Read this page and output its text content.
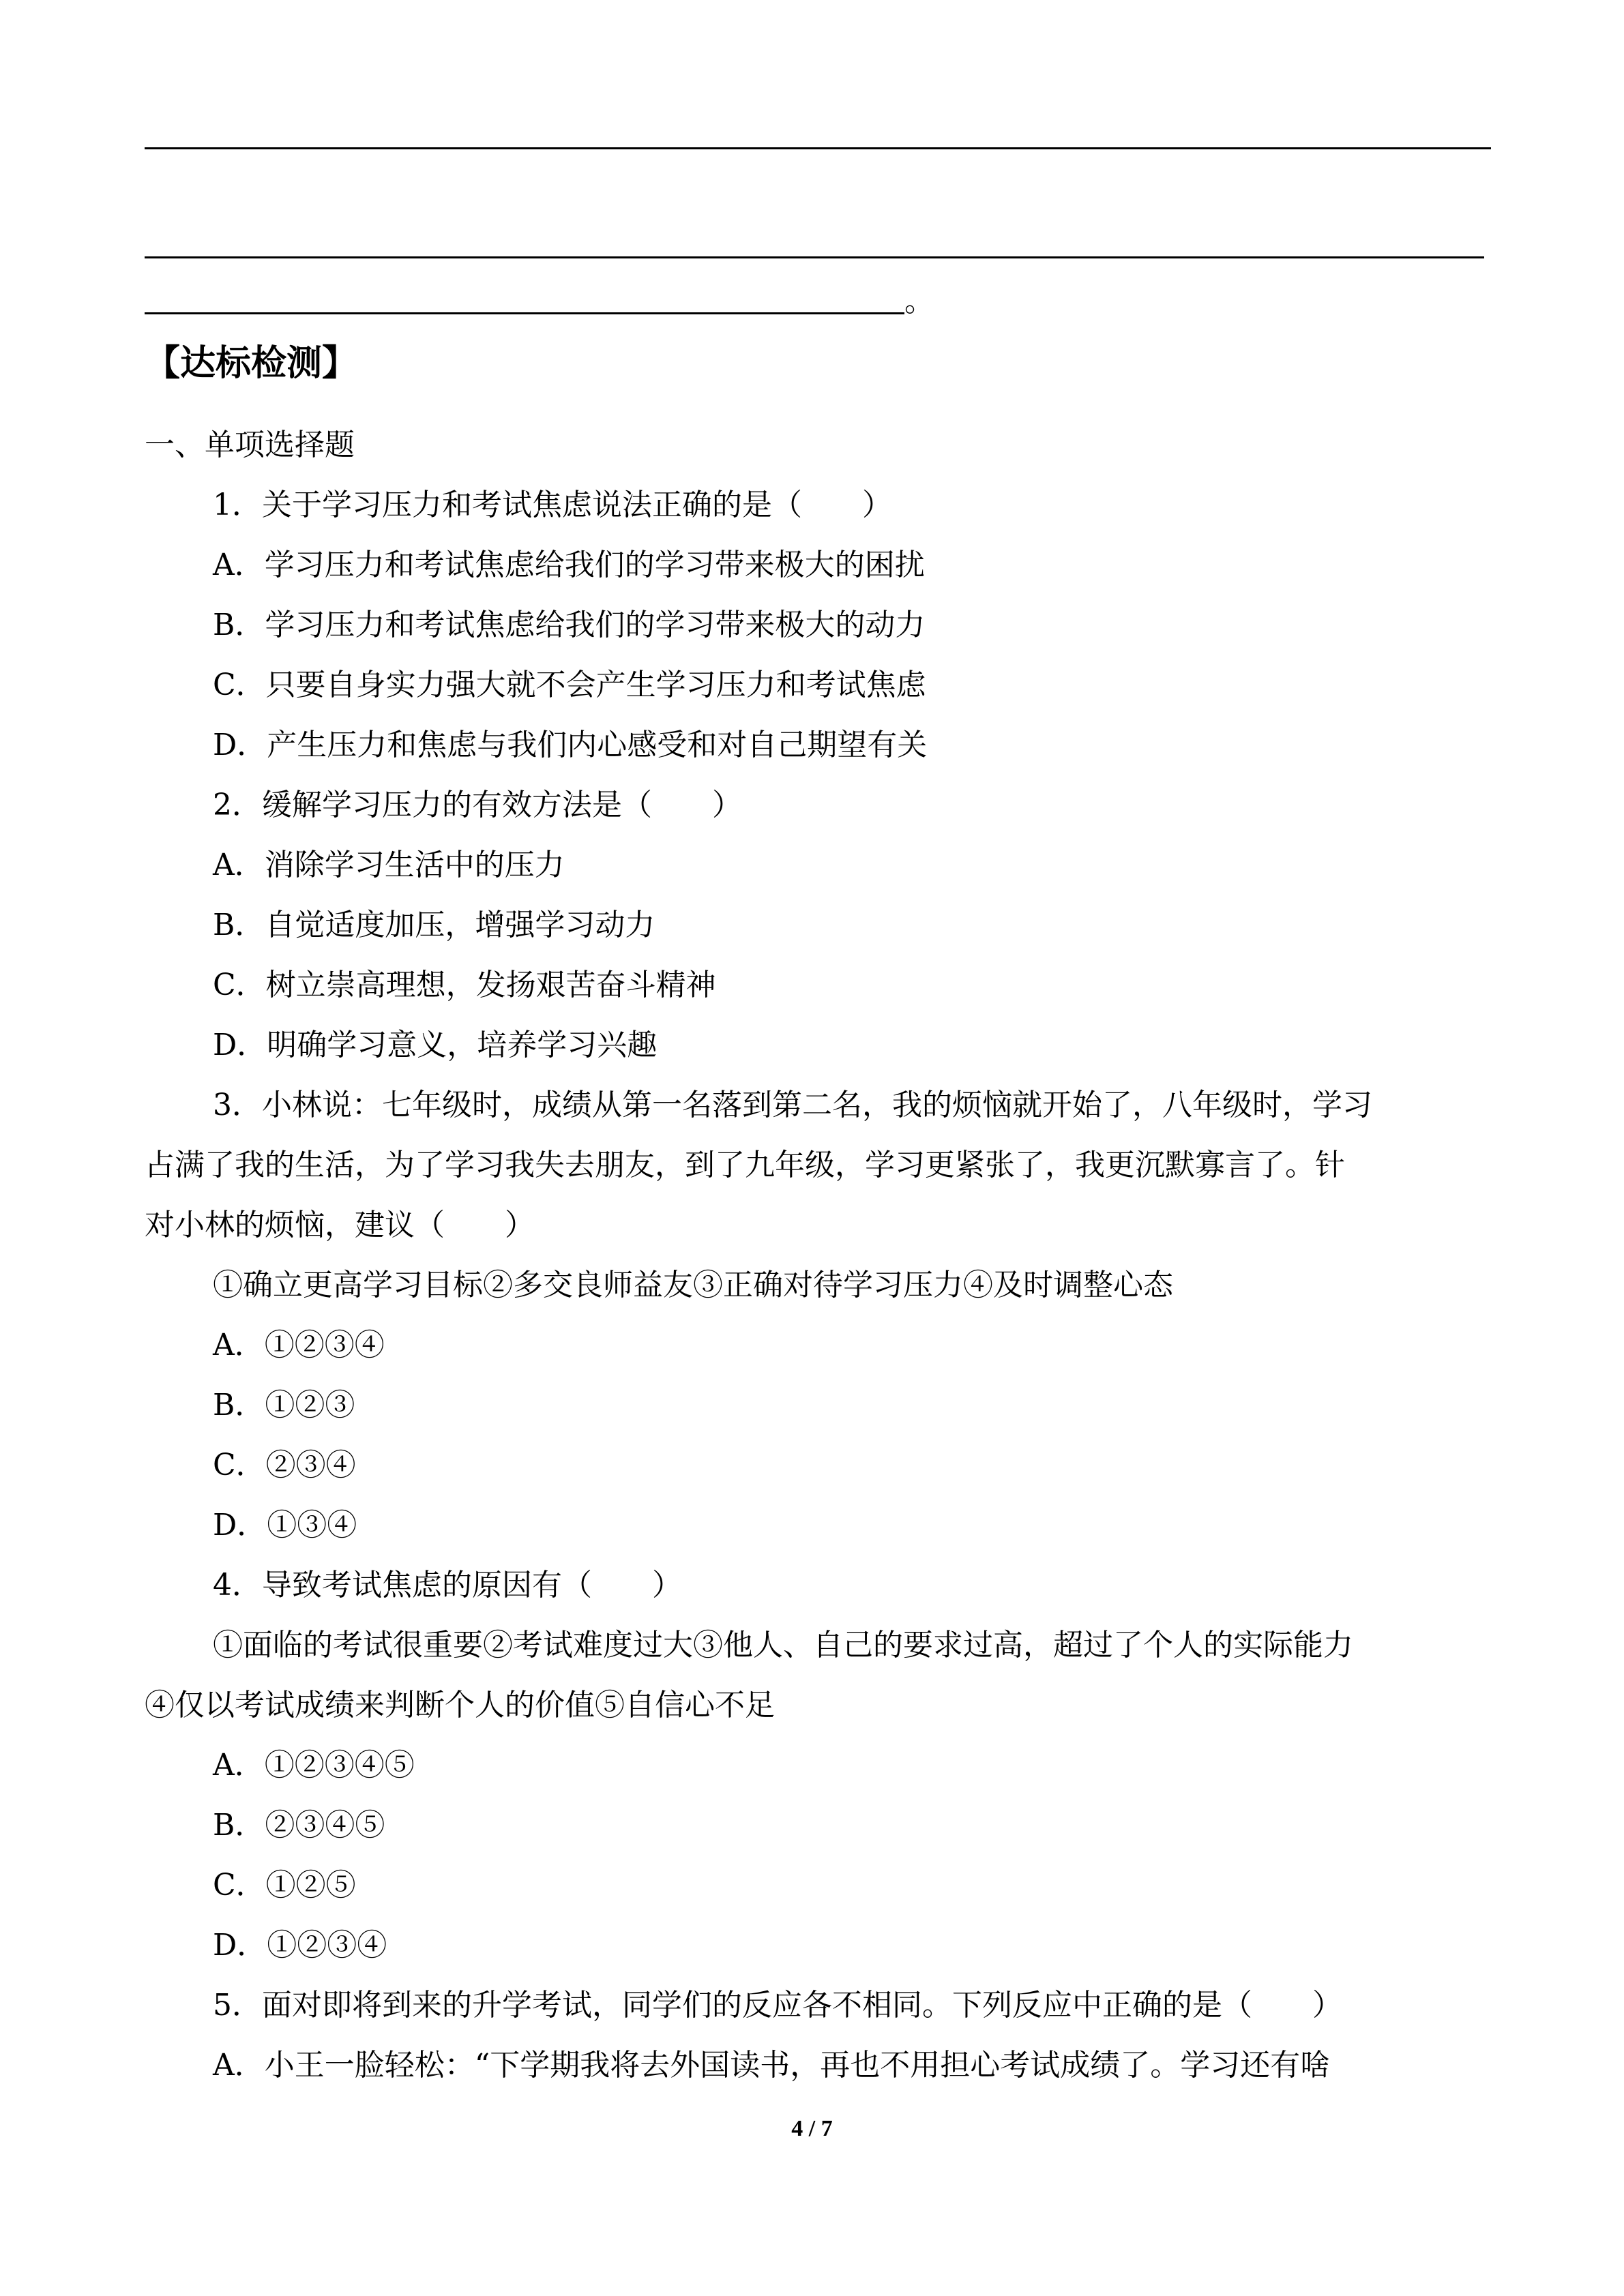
。
【达标检测】
一、单项选择题
1．关于学习压力和考试焦虑说法正确的是（　　）
A．学习压力和考试焦虑给我们的学习带来极大的困扰
B．学习压力和考试焦虑给我们的学习带来极大的动力
C．只要自身实力强大就不会产生学习压力和考试焦虑
D．产生压力和焦虑与我们内心感受和对自己期望有关
2．缓解学习压力的有效方法是（　　）
A．消除学习生活中的压力
B．自觉适度加压，增强学习动力
C．树立崇高理想，发扬艰苦奋斗精神
D．明确学习意义，培养学习兴趣
3．小林说：七年级时，成绩从第一名落到第二名，我的烦恼就开始了，八年级时，学习
占满了我的生活，为了学习我失去朋友，到了九年级，学习更紧张了，我更沉默寡言了。针
对小林的烦恼，建议（　　）
①确立更高学习目标②多交良师益友③正确对待学习压力④及时调整心态
A．①②③④
B．①②③
C．②③④
D．①③④
4．导致考试焦虑的原因有（　　）
①面临的考试很重要②考试难度过大③他人、自己的要求过高，超过了个人的实际能力
④仅以考试成绩来判断个人的价值⑤自信心不足
A．①②③④⑤
B．②③④⑤
C．①②⑤
D．①②③④
5．面对即将到来的升学考试，同学们的反应各不相同。下列反应中正确的是（　　）
A．小王一脸轻松：“下学期我将去外国读书，再也不用担心考试成绩了。学习还有啥
4 / 7
